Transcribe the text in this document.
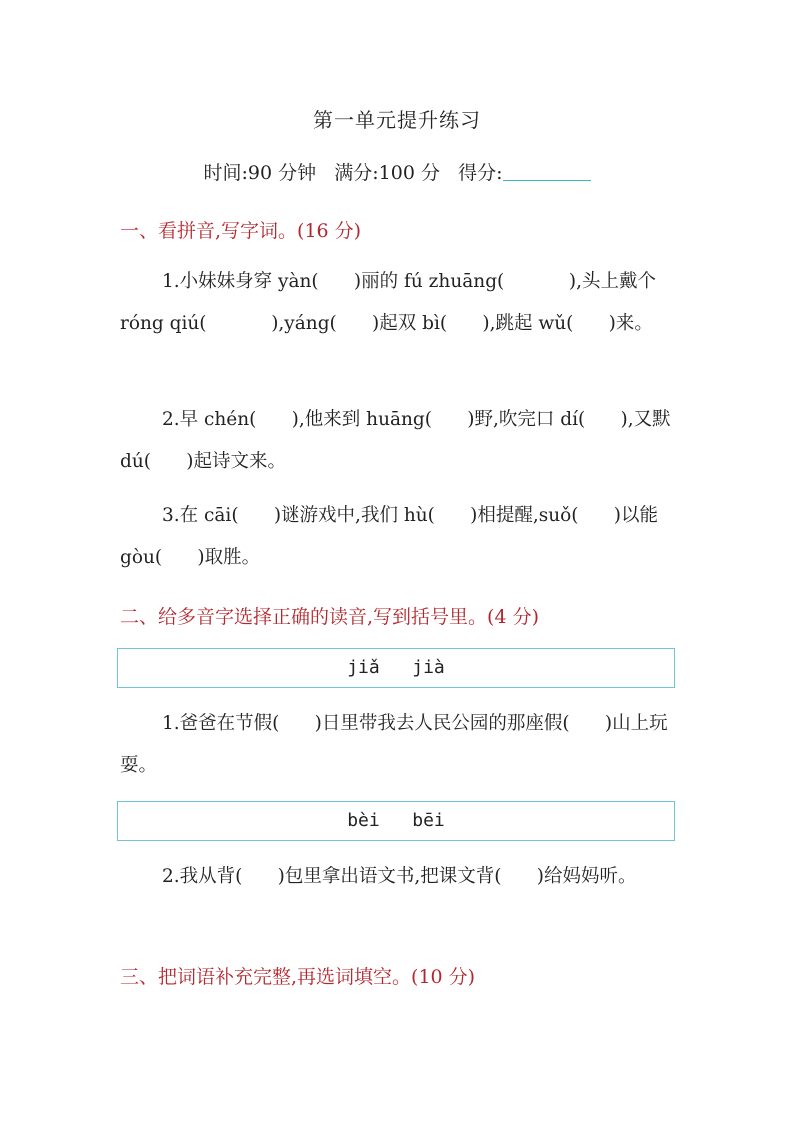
第一单元提升练习
时间:90 分钟 满分:100 分 得分:
一、看拼音,写字词。(16 分)
1.小妹妹身穿 yàn(      )丽的 fú zhuāng(           ),头上戴个 róng qiú(           ),yáng(      )起双 bì(      ),跳起 wǔ(      )来。
2.早 chén(      ),他来到 huāng(      )野,吹完口 dí(      ),又默 dú(      )起诗文来。
3.在 cāi(      )谜游戏中,我们 hù(      )相提醒,suǒ(      )以能 gòu(      )取胜。
二、给多音字选择正确的读音,写到括号里。(4 分)
jiǎ   jià
1.爸爸在节假(      )日里带我去人民公园的那座假(      )山上玩耍。
bèi   bēi
2.我从背(      )包里拿出语文书,把课文背(      )给妈妈听。
三、把词语补充完整,再选词填空。(10 分)
